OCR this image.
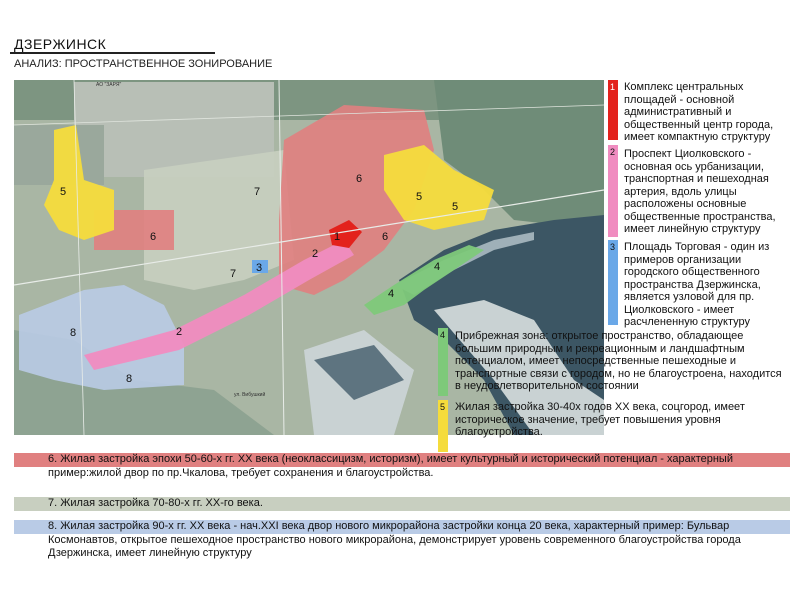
ДЗЕРЖИНСК
АНАЛИЗ: ПРОСТРАНСТВЕННОЕ ЗОНИРОВАНИЕ
АО "ЗАРЯ"
ул. Вибушкий
1
2
2
3	4
4
5	5
5
6
6
6
7
7
8
8
1 Комплекс центральных площадей - основной административный и общественный центр города, имеет компактную структуру
2 Проспект Циолковского - основная ось урбанизации, транспортная и пешеходная артерия, вдоль улицы расположены основные общественные пространства, имеет линейную структуру
3 Площадь Торговая - один из примеров организации городского общественного пространства Дзержинска, является узловой для пр. Циолковского - имеет расчлененную структуру
4 Прибрежная зона: открытое пространство, обладающее большим природным и рекреационным и ландшафтным потенциалом, имеет непосредственные пешеходные и транспортные связи с городом, но не благоустроена, находится в неудовлетворительном состоянии
5 Жилая застройка 30-40х годов XX века, соцгород, имеет историческое значение, требует повышения уровня благоустройства.
6. Жилая застройка эпохи 50-60-х гг. XX века (неоклассицизм, историзм), имеет культурный и исторический потенциал - характерный пример:жилой двор по пр.Чкалова, требует сохранения и благоустройства.
7. Жилая застройка 70-80-х гг. XX-го века.
8. Жилая застройка 90-х гг. XX века - нач.XXI века двор нового микрорайона застройки конца 20 века, характерный пример: Бульвар Космонавтов, открытое пешеходное пространство нового микрорайона, демонстрирует уровень современного благоустройства города Дзержинска, имеет линейную структуру
